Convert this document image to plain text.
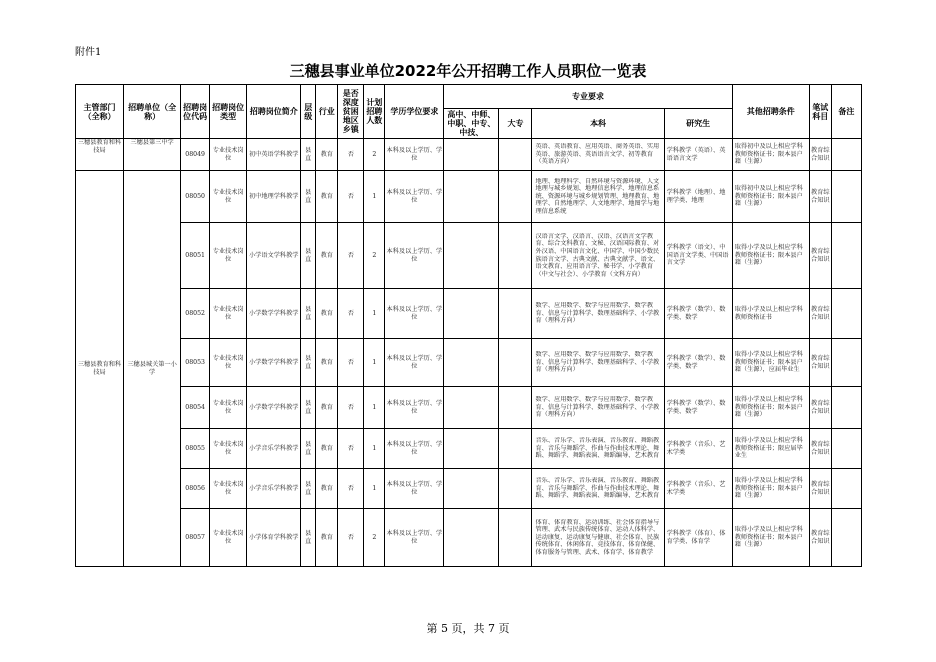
附件1
三穗县事业单位2022年公开招聘工作人员职位一览表
主管部门（全称）	招聘单位（全称）	招聘岗位代码	招聘岗位类型	招聘岗位简介	层级	行业	是否深度贫困地区乡镇	计划招聘人数	学历学位要求	专业要求				其他招聘条件	笔试科目	备注

										高中、中师、中职、中专、中技、	大专	本科	研究生			
三穗县教育和科技局	三穗县第三中学	08049	专业技术岗位	初中英语学科教学	县直	教育	否	2	本科及以上学历、学位			英语、英语教育、应用英语、商务英语、实用英语、旅游英语、英语语言文学、初等教育（英语方向）	学科教学（英语）、英语语言文学	取得初中及以上相应学科教师资格证书；限本县户籍（生源）	教育综合知识	
三穗县教育和科技局	三穗县城关第一小学	08050	专业技术岗位	初中地理学科教学	县直	教育	否	1	本科及以上学历、学位			地理、地理科学、自然环境与资源环境、人文地理与城乡规划、地理信息科学、地理信息系统、资源环境与城乡规划管理、地理教育、地理学、自然地理学、人文地理学、地图学与地理信息系统	学科教学（地理）、地理学类、地理	取得初中及以上相应学科教师资格证书；限本县户籍（生源）	教育综合知识	
		08051	专业技术岗位	小学语文学科教学	县直	教育	否	2	本科及以上学历、学位			汉语言文学、汉语言、汉语、汉语言文学教育、综合文科教育、文秘、汉语国际教育、对外汉语、中国语言文化、中国学、中国少数民族语言文学、古典文献、古典文献学、语文、语文教育、应用语言学、秘书学、小学教育（中文与社会）、小学教育（文科方向）	学科教学（语文）、中国语言文学类、中国语言文学	取得小学及以上相应学科教师资格证书；限本县户籍（生源）	教育综合知识	
		08052	专业技术岗位	小学数学学科教学	县直	教育	否	1	本科及以上学历、学位			数学、应用数学、数学与应用数学、数学教育、信息与计算科学、数理基础科学、小学教育（理科方向）	学科教学（数学）、数学类、数学	取得小学及以上相应学科教师资格证书	教育综合知识	
		08053	专业技术岗位	小学数学学科教学	县直	教育	否	1	本科及以上学历、学位			数学、应用数学、数学与应用数学、数学教育、信息与计算科学、数理基础科学、小学教育（理科方向）	学科教学（数学）、数学类、数学	取得小学及以上相应学科教师资格证书；限本县户籍（生源），应届毕业生	教育综合知识	
		08054	专业技术岗位	小学数学学科教学	县直	教育	否	1	本科及以上学历、学位			数学、应用数学、数学与应用数学、数学教育、信息与计算科学、数理基础科学、小学教育（理科方向）	学科教学（数学）、数学类、数学	取得小学及以上相应学科教师资格证书；限本县户籍（生源）	教育综合知识	
		08055	专业技术岗位	小学音乐学科教学	县直	教育	否	1	本科及以上学历、学位			音乐、音乐学、音乐表演、音乐教育、舞蹈教育、音乐与舞蹈学、作曲与作曲技术理论、舞蹈、舞蹈学、舞蹈表演、舞蹈编导、艺术教育	学科教学（音乐）、艺术学类	取得小学及以上相应学科教师资格证书；限应届毕业生	教育综合知识	
		08056	专业技术岗位	小学音乐学科教学	县直	教育	否	1	本科及以上学历、学位			音乐、音乐学、音乐表演、音乐教育、舞蹈教育、音乐与舞蹈学、作曲与作曲技术理论、舞蹈、舞蹈学、舞蹈表演、舞蹈编导、艺术教育	学科教学（音乐）、艺术学类	取得小学及以上相应学科教师资格证书；限本县户籍（生源）	教育综合知识	
		08057	专业技术岗位	小学体育学科教学	县直	教育	否	2	本科及以上学历、学位			体育、体育教育、运动训练、社会体育指导与管理、武术与民族传统体育、运动人体科学、运动康复、运动康复与健康、社会体育、民族传统体育、休闲体育、竞技体育、体育保健、体育服务与管理、武术、体育学、体育教学	学科教学（体育）、体育学类、体育学	取得小学及以上相应学科教师资格证书；限本县户籍（生源）	教育综合知识	
第 5 页，共 7 页
